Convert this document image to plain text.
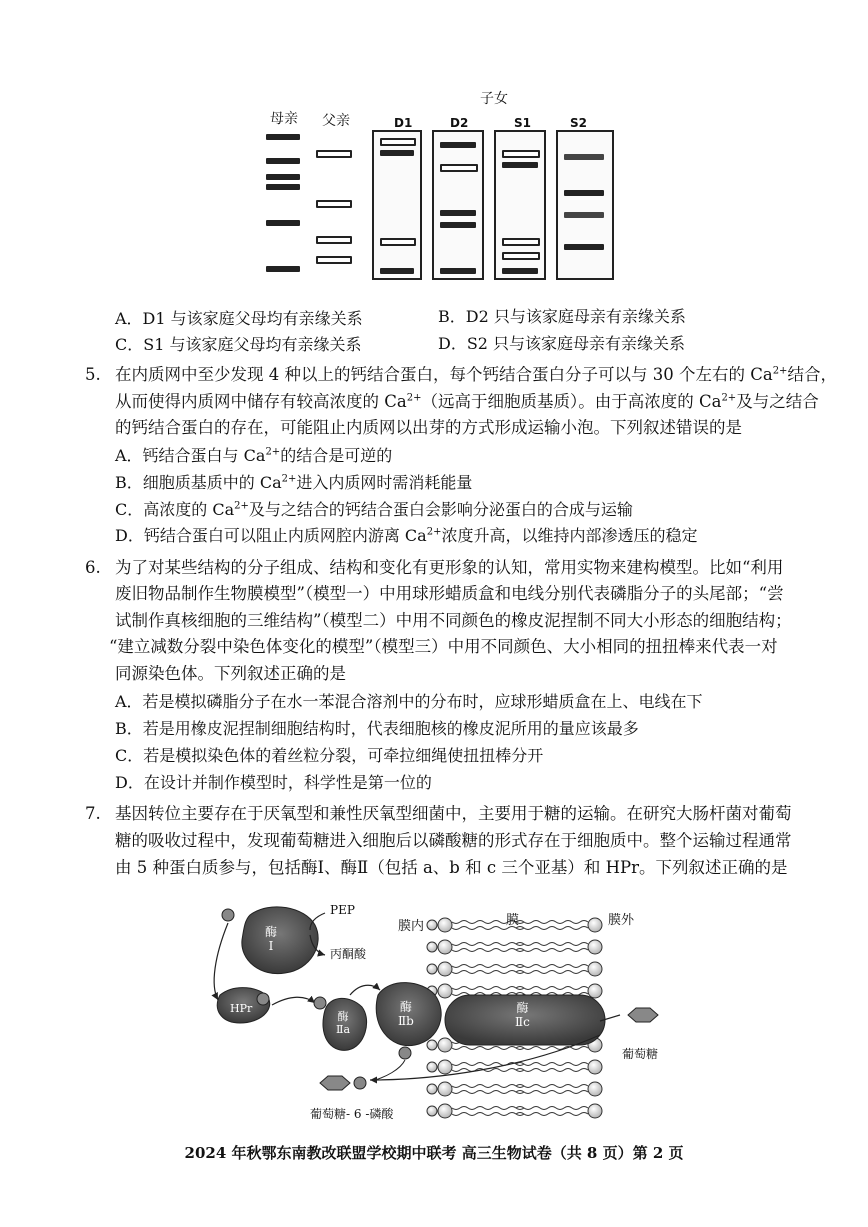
子女
母亲 父亲	D1	D2	S1	S2
A．D1 与该家庭父母均有亲缘关系	B．D2 只与该家庭母亲有亲缘关系
C．S1 与该家庭父母均有亲缘关系	D．S2 只与该家庭母亲有亲缘关系
5. 在内质网中至少发现 4 种以上的钙结合蛋白，每个钙结合蛋白分子可以与 30 个左右的 $Ca^{2+}$结合，
从而使得内质网中储存有较高浓度的 $Ca^{2+}$（远高于细胞质基质）。由于高浓度的 $Ca^{2+}$及与之结合
的钙结合蛋白的存在，可能阻止内质网以出芽的方式形成运输小泡。下列叙述错误的是
A．钙结合蛋白与 $Ca^{2+}$的结合是可逆的
B．细胞质基质中的 $Ca^{2+}$进入内质网时需消耗能量
C．高浓度的 $Ca^{2+}$及与之结合的钙结合蛋白会影响分泌蛋白的合成与运输
D．钙结合蛋白可以阻止内质网腔内游离 $Ca^{2+}$浓度升高，以维持内部渗透压的稳定
6. 为了对某些结构的分子组成、结构和变化有更形象的认知，常用实物来建构模型。比如“利用
废旧物品制作生物膜模型”（模型一）中用球形蜡质盒和电线分别代表磷脂分子的头尾部；“尝
试制作真核细胞的三维结构”（模型二）中用不同颜色的橡皮泥捏制不同大小形态的细胞结构；
“建立减数分裂中染色体变化的模型”（模型三）中用不同颜色、大小相同的扭扭棒来代表一对
同源染色体。下列叙述正确的是
A．若是模拟磷脂分子在水一苯混合溶剂中的分布时，应球形蜡质盒在上、电线在下
B．若是用橡皮泥捏制细胞结构时，代表细胞核的橡皮泥所用的量应该最多
C．若是模拟染色体的着丝粒分裂，可牵拉细绳使扭扭棒分开
D．在设计并制作模型时，科学性是第一位的
7. 基因转位主要存在于厌氧型和兼性厌氧型细菌中，主要用于糖的运输。在研究大肠杆菌对葡萄
糖的吸收过程中，发现葡萄糖进入细胞后以磷酸糖的形式存在于细胞质中。整个运输过程通常
由 5 种蛋白质参与，包括酶Ⅰ、酶Ⅱ（包括 a、b 和 c 三个亚基）和 HPr。下列叙述正确的是
PEP
酶
Ⅰ
丙酮酸
HPr
酶
Ⅱa
酶
Ⅱb
酶
Ⅱc
膜内	膜	膜外
葡萄糖
葡萄糖- 6 -磷酸
2024 年秋鄂东南教改联盟学校期中联考 高三生物试卷（共 8 页）第 2 页
